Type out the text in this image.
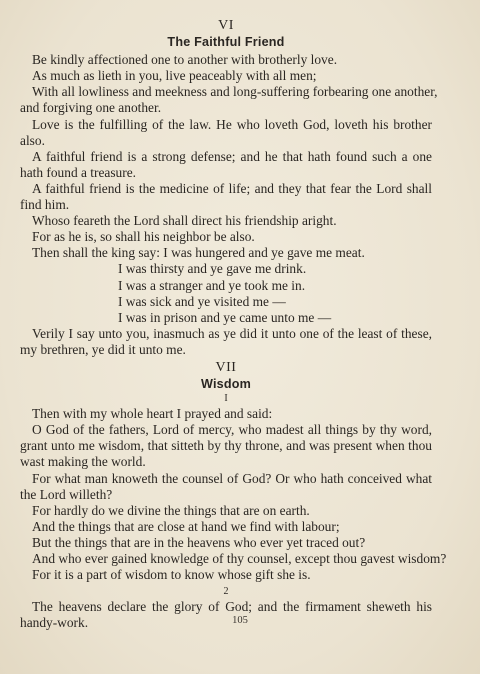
VI
The Faithful Friend
Be kindly affectioned one to another with brotherly love.
As much as lieth in you, live peaceably with all men;
With all lowliness and meekness and long-suffering forbearing one another,
and forgiving one another.
Love is the fulfilling of the law. He who loveth God, loveth his brother
also.
A faithful friend is a strong defense; and he that hath found such a one
hath found a treasure.
A faithful friend is the medicine of life; and they that fear the Lord shall
find him.
Whoso feareth the Lord shall direct his friendship aright.
For as he is, so shall his neighbor be also.
Then shall the king say: I was hungered and ye gave me meat.
I was thirsty and ye gave me drink.
I was a stranger and ye took me in.
I was sick and ye visited me —
I was in prison and ye came unto me —
Verily I say unto you, inasmuch as ye did it unto one of the least of these,
my brethren, ye did it unto me.
VII
Wisdom
I
Then with my whole heart I prayed and said:
O God of the fathers, Lord of mercy, who madest all things by thy word,
grant unto me wisdom, that sitteth by thy throne, and was present when thou
wast making the world.
For what man knoweth the counsel of God? Or who hath conceived what
the Lord willeth?
For hardly do we divine the things that are on earth.
And the things that are close at hand we find with labour;
But the things that are in the heavens who ever yet traced out?
And who ever gained knowledge of thy counsel, except thou gavest wisdom?
For it is a part of wisdom to know whose gift she is.
2
The heavens declare the glory of God; and the firmament sheweth his
handy-work.	105
